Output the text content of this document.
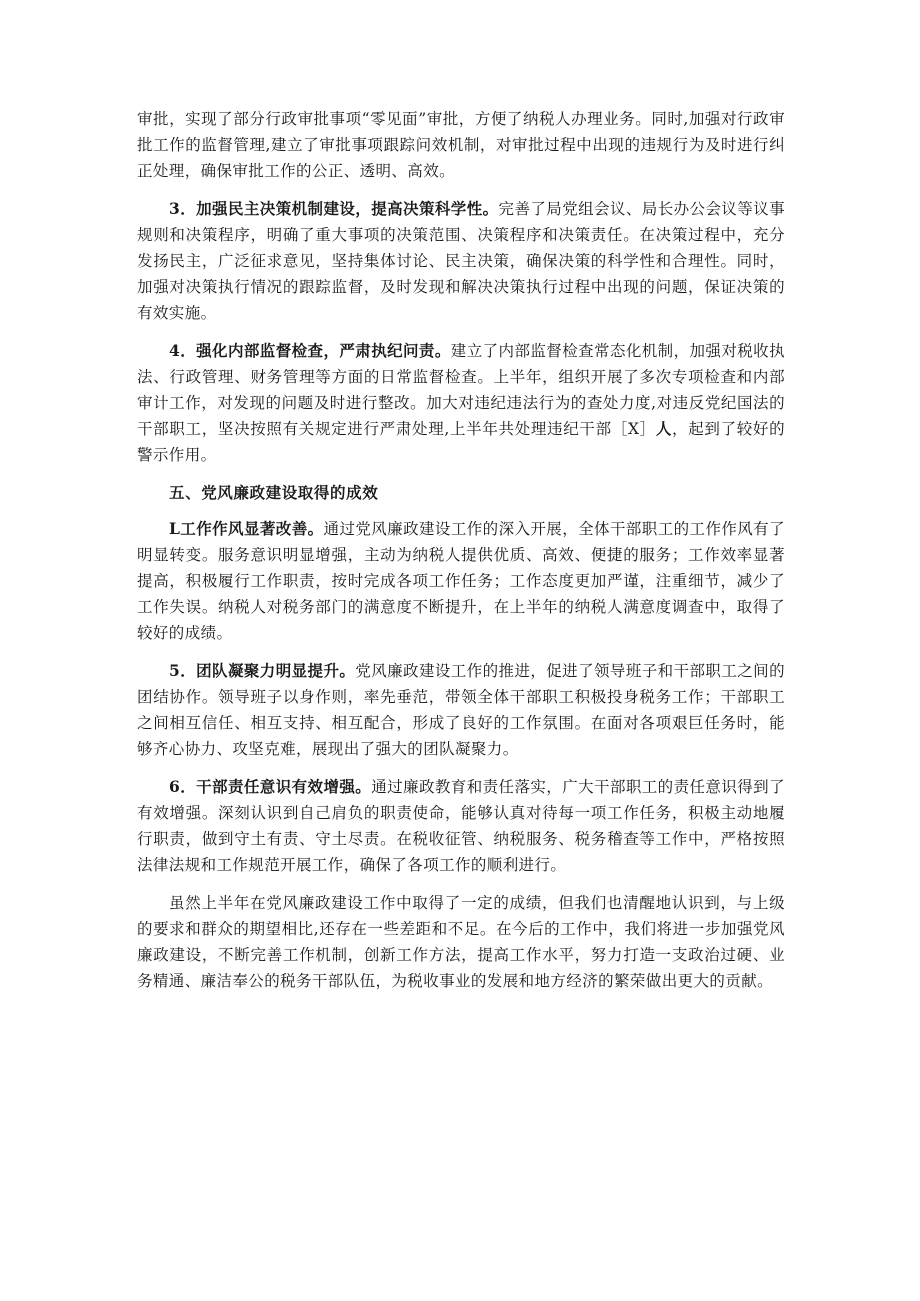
审批，实现了部分行政审批事项“零见面”审批，方便了纳税人办理业务。同时,加强对行政审批工作的监督管理,建立了审批事项跟踪问效机制，对审批过程中出现的违规行为及时进行纠正处理，确保审批工作的公正、透明、高效。

3．加强民主决策机制建设，提高决策科学性。完善了局党组会议、局长办公会议等议事规则和决策程序，明确了重大事项的决策范围、决策程序和决策责任。在决策过程中，充分发扬民主，广泛征求意见，坚持集体讨论、民主决策，确保决策的科学性和合理性。同时，加强对决策执行情况的跟踪监督，及时发现和解决决策执行过程中出现的问题，保证决策的有效实施。

4．强化内部监督检查，严肃执纪问责。建立了内部监督检查常态化机制，加强对税收执法、行政管理、财务管理等方面的日常监督检查。上半年，组织开展了多次专项检查和内部审计工作，对发现的问题及时进行整改。加大对违纪违法行为的查处力度,对违反党纪国法的干部职工，坚决按照有关规定进行严肃处理,上半年共处理违纪干部［X］人，起到了较好的警示作用。

五、党风廉政建设取得的成效

L工作作风显著改善。通过党风廉政建设工作的深入开展，全体干部职工的工作作风有了明显转变。服务意识明显增强，主动为纳税人提供优质、高效、便捷的服务；工作效率显著提高，积极履行工作职责，按时完成各项工作任务；工作态度更加严谨，注重细节，减少了工作失误。纳税人对税务部门的满意度不断提升，在上半年的纳税人满意度调查中，取得了较好的成绩。

5．团队凝聚力明显提升。党风廉政建设工作的推进，促进了领导班子和干部职工之间的团结协作。领导班子以身作则，率先垂范，带领全体干部职工积极投身税务工作；干部职工之间相互信任、相互支持、相互配合，形成了良好的工作氛围。在面对各项艰巨任务时，能够齐心协力、攻坚克难，展现出了强大的团队凝聚力。

6．干部责任意识有效增强。通过廉政教育和责任落实，广大干部职工的责任意识得到了有效增强。深刻认识到自己肩负的职责使命，能够认真对待每一项工作任务，积极主动地履行职责，做到守土有责、守土尽责。在税收征管、纳税服务、税务稽查等工作中，严格按照法律法规和工作规范开展工作，确保了各项工作的顺利进行。

虽然上半年在党风廉政建设工作中取得了一定的成绩，但我们也清醒地认识到，与上级的要求和群众的期望相比,还存在一些差距和不足。在今后的工作中，我们将进一步加强党风廉政建设，不断完善工作机制，创新工作方法，提高工作水平，努力打造一支政治过硬、业务精通、廉洁奉公的税务干部队伍，为税收事业的发展和地方经济的繁荣做出更大的贡献。
